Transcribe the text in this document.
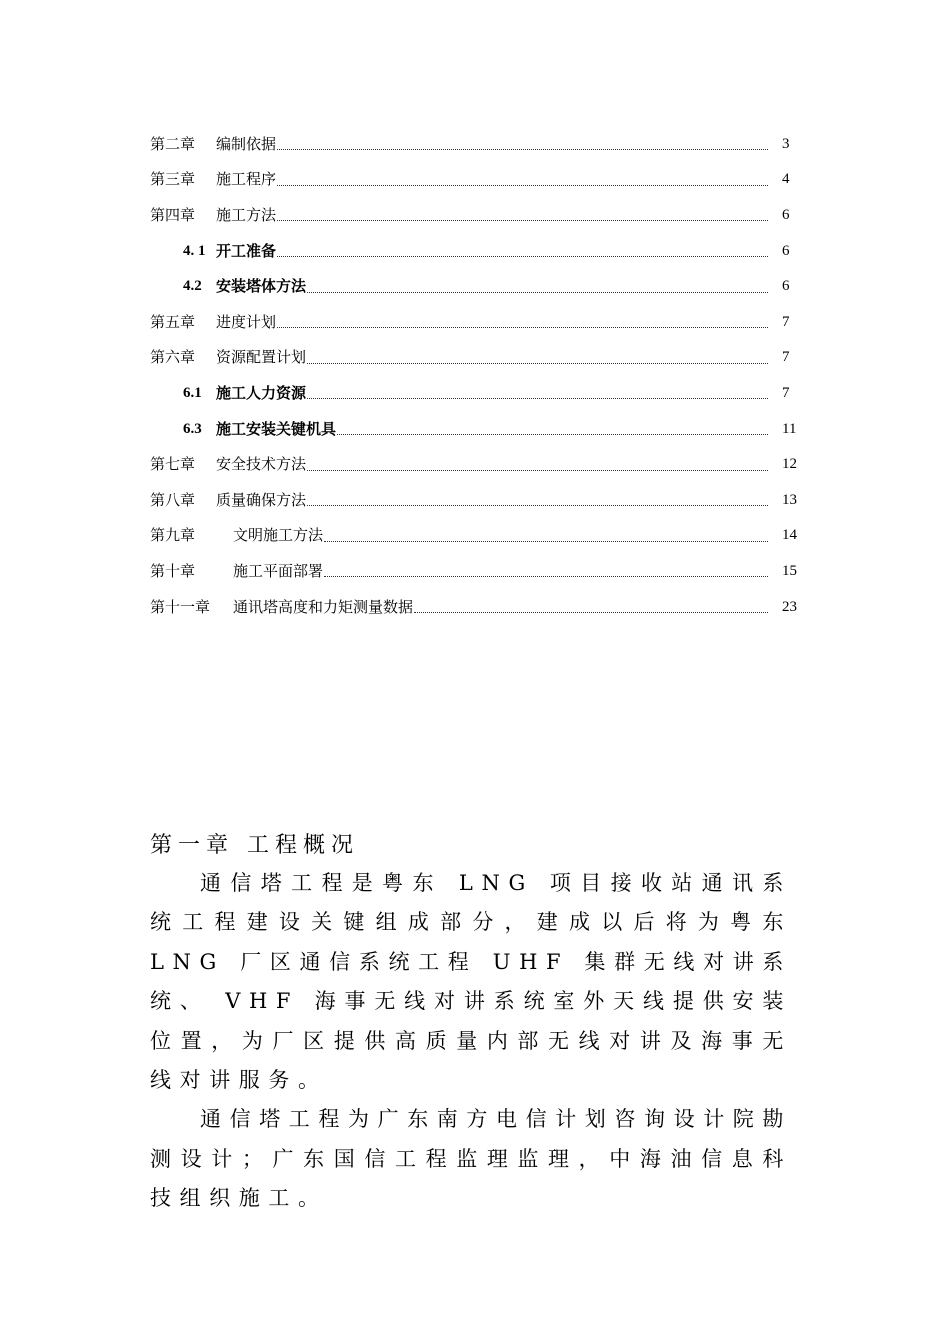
第二章	编制依据	3
第三章	施工程序	4
第四章	施工方法	6
4. 1 开工准备	6
4.2 安装塔体方法	6
第五章	进度计划	7
第六章	资源配置计划	7
6.1 施工人力资源	7
6.3 施工安装关键机具	11
第七章	安全技术方法	12
第八章	质量确保方法	13
第九章	文明施工方法	14
第十章	施工平面部署	15
第十一章	通讯塔高度和力矩测量数据	23
第一章 工程概况

通信塔工程是粤东 LNG 项目接收站通讯系统工程建设关键组成部分，建成以后将为粤东 LNG 厂区通信系统工程 UHF 集群无线对讲系统、 VHF 海事无线对讲系统室外天线提供安装位置，为厂区提供高质量内部无线对讲及海事无线对讲服务。

通信塔工程为广东南方电信计划咨询设计院勘测设计；广东国信工程监理监理，中海油信息科技组织施工。
